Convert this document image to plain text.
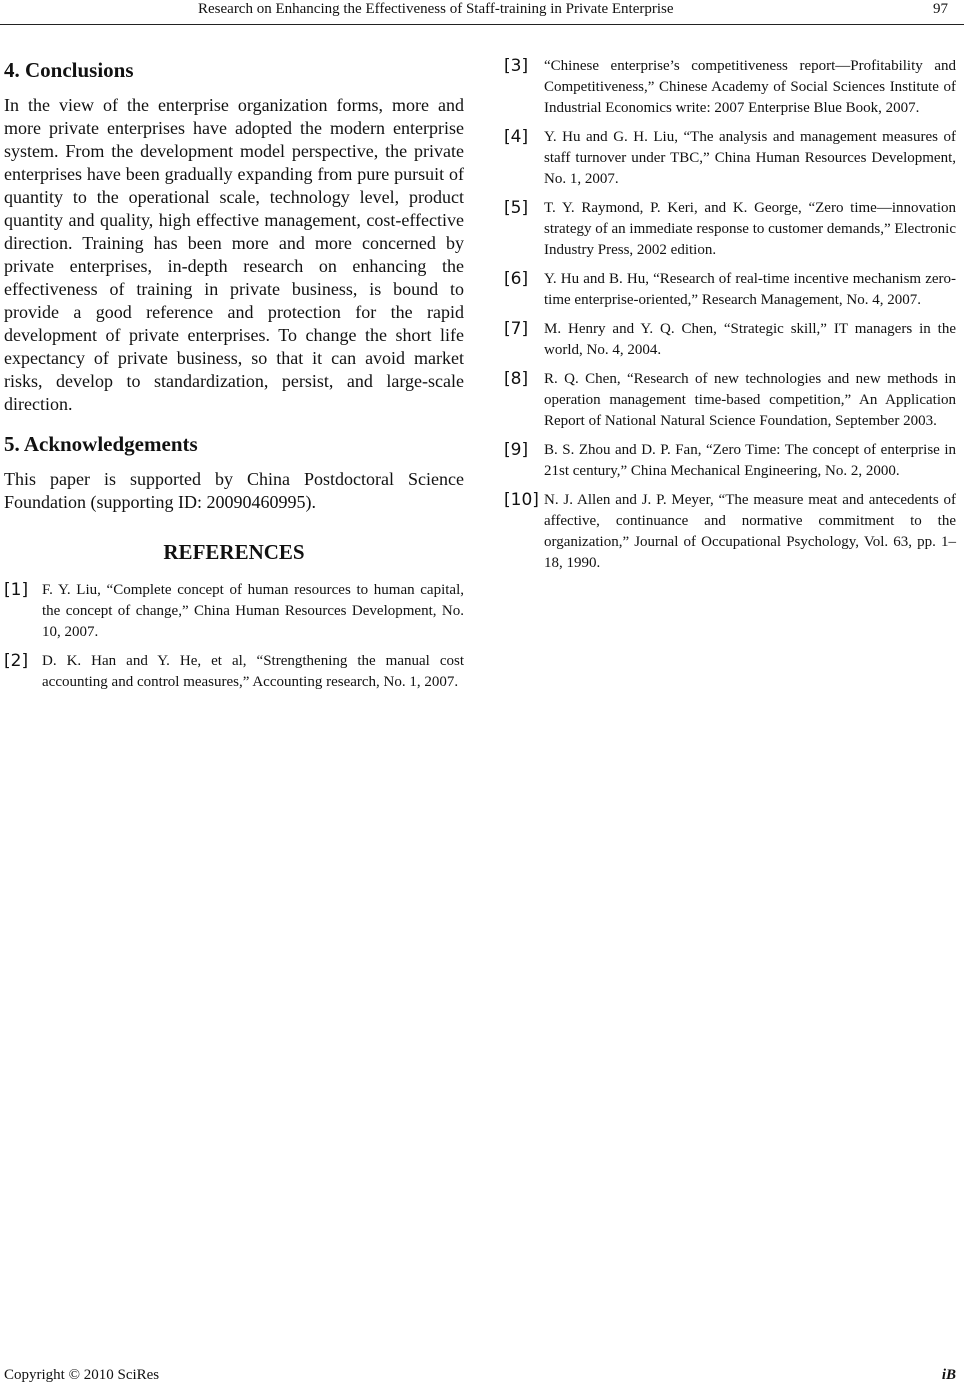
Research on Enhancing the Effectiveness of Staff-training in Private Enterprise	97
4. Conclusions

In the view of the enterprise organization forms, more and more private enterprises have adopted the modern enterprise system. From the development model perspective, the private enterprises have been gradually expanding from pure pursuit of quantity to the operational scale, technology level, product quantity and quality, high effective management, cost-effective direction. Training has been more and more concerned by private enterprises, in-depth research on enhancing the effectiveness of training in private business, is bound to provide a good reference and protection for the rapid development of private enterprises. To change the short life expectancy of private business, so that it can avoid market risks, develop to standardization, persist, and large-scale direction.

5. Acknowledgements

This paper is supported by China Postdoctoral Science Foundation (supporting ID: 20090460995).

REFERENCES
[1] F. Y. Liu, “Complete concept of human resources to human capital, the concept of change,” China Human Resources Development, No. 10, 2007.
[2] D. K. Han and Y. He, et al, “Strengthening the manual cost accounting and control measures,” Accounting research, No. 1, 2007.
[3]	“Chinese enterprise’s competitiveness report—Profitability and Competitiveness,” Chinese Academy of Social Sciences Institute of Industrial Economics write: 2007 Enterprise Blue Book, 2007.
[4]	Y. Hu and G. H. Liu, “The analysis and management measures of staff turnover under TBC,” China Human Resources Development, No. 1, 2007.
[5]	T. Y. Raymond, P. Keri, and K. George, “Zero time—innovation strategy of an immediate response to customer demands,” Electronic Industry Press, 2002 edition.
[6]	Y. Hu and B. Hu, “Research of real-time incentive mechanism zero-time enterprise-oriented,” Research Management, No. 4, 2007.
[7]	M. Henry and Y. Q. Chen, “Strategic skill,” IT managers in the world, No. 4, 2004.
[8]	R. Q. Chen, “Research of new technologies and new methods in operation management time-based competition,” An Application Report of National Natural Science Foundation, September 2003.
[9]	B. S. Zhou and D. P. Fan, “Zero Time: The concept of enterprise in 21st century,” China Mechanical Engineering, No. 2, 2000.
[10] N. J. Allen and J. P. Meyer, “The measure meat and antecedents of affective, continuance and normative commitment to the organization,” Journal of Occupational Psychology, Vol. 63, pp. 1–18, 1990.
Copyright © 2010 SciRes	iB
